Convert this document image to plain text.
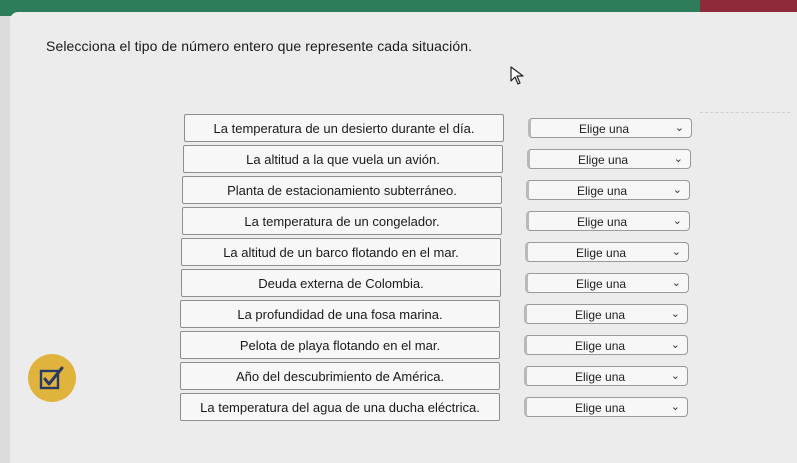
Selecciona el tipo de número entero que represente cada situación.
La temperatura de un desierto durante el día.	Elige una	⌄
La altitud a la que vuela un avión.	Elige una	⌄
Planta de estacionamiento subterráneo.	Elige una	⌄
La temperatura de un congelador.	Elige una	⌄
La altitud de un barco flotando en el mar.	Elige una	⌄
Deuda externa de Colombia.	Elige una	⌄
La profundidad de una fosa marina.	Elige una	⌄
Pelota de playa flotando en el mar.	Elige una	⌄
Año del descubrimiento de América.	Elige una	⌄
La temperatura del agua de una ducha eléctrica.	Elige una	⌄
